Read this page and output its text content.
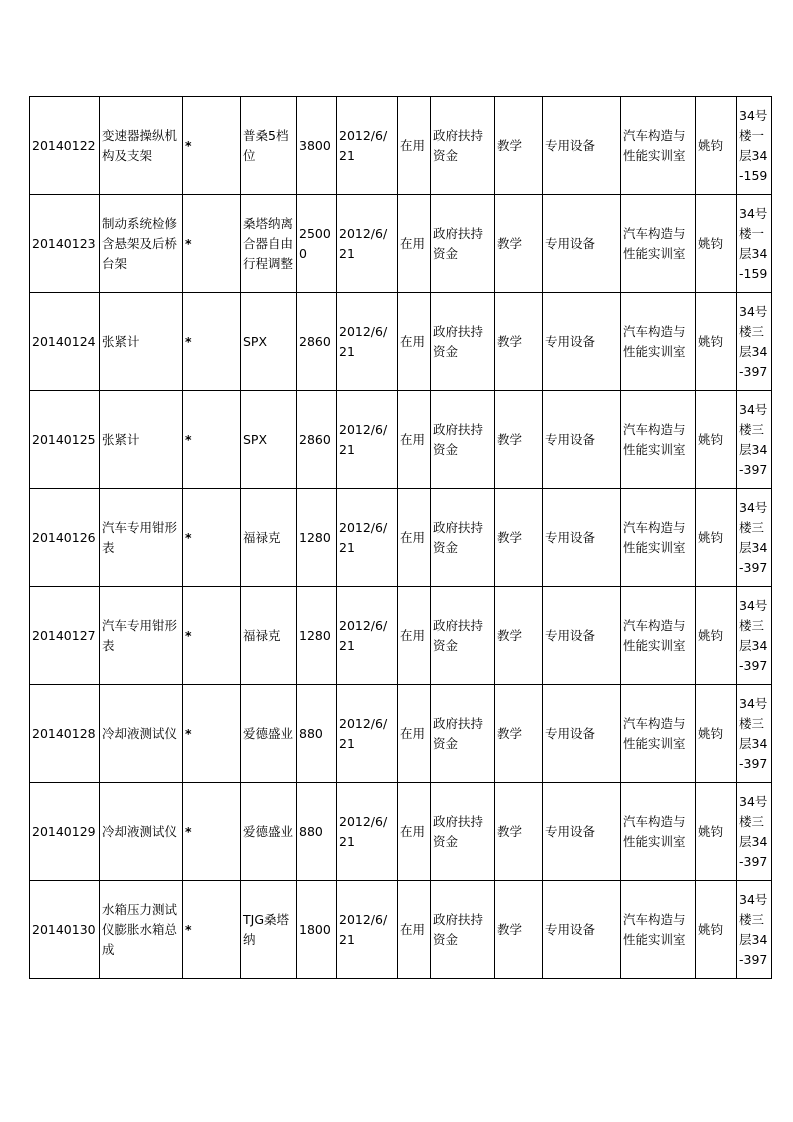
20140122	变速器操纵机构及支架	*	普桑5档位	3800	2012/6/21	在用	政府扶持资金	教学	专用设备	汽车构造与性能实训室	姚钧	34号楼一层34-159
20140123	制动系统检修含悬架及后桥台架	*	桑塔纳离合器自由行程调整	25000	2012/6/21	在用	政府扶持资金	教学	专用设备	汽车构造与性能实训室	姚钧	34号楼一层34-159
20140124	张紧计	*	SPX	2860	2012/6/21	在用	政府扶持资金	教学	专用设备	汽车构造与性能实训室	姚钧	34号楼三层34-397
20140125	张紧计	*	SPX	2860	2012/6/21	在用	政府扶持资金	教学	专用设备	汽车构造与性能实训室	姚钧	34号楼三层34-397
20140126	汽车专用钳形表	*	福禄克	1280	2012/6/21	在用	政府扶持资金	教学	专用设备	汽车构造与性能实训室	姚钧	34号楼三层34-397
20140127	汽车专用钳形表	*	福禄克	1280	2012/6/21	在用	政府扶持资金	教学	专用设备	汽车构造与性能实训室	姚钧	34号楼三层34-397
20140128	冷却液测试仪	*	爱德盛业	880	2012/6/21	在用	政府扶持资金	教学	专用设备	汽车构造与性能实训室	姚钧	34号楼三层34-397
20140129	冷却液测试仪	*	爱德盛业	880	2012/6/21	在用	政府扶持资金	教学	专用设备	汽车构造与性能实训室	姚钧	34号楼三层34-397
20140130	水箱压力测试仪膨胀水箱总成	*	TJG桑塔纳	1800	2012/6/21	在用	政府扶持资金	教学	专用设备	汽车构造与性能实训室	姚钧	34号楼三层34-397
